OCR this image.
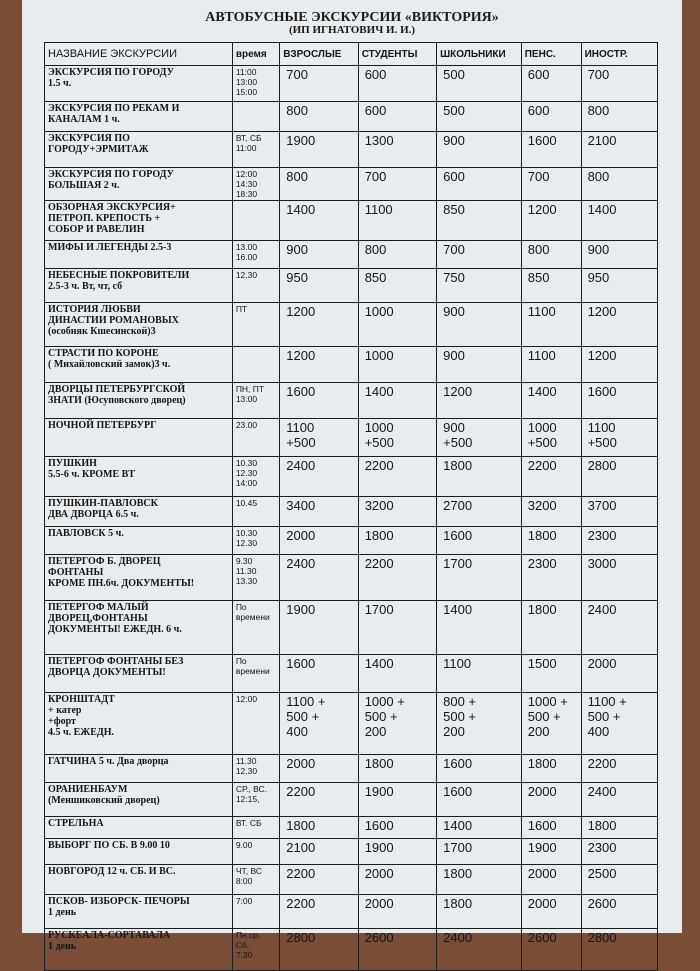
АВТОБУСНЫЕ ЭКСКУРСИИ «ВИКТОРИЯ»
(ИП ИГНАТОВИЧ И. И.)
НАЗВАНИЕ ЭКСКУРСИИ	время	ВЗРОСЛЫЕ	СТУДЕНТЫ	ШКОЛЬНИКИ	ПЕНС.	ИНОСТР.
ЭКСКУРСИЯ ПО ГОРОДУ
1.5 ч.	11:00
13:00
15:00	700	600	500	600	700
ЭКСКУРСИЯ ПО РЕКАМ И
КАНАЛАМ 1 ч.		800	600	500	600	800
ЭКСКУРСИЯ ПО
ГОРОДУ+ЭРМИТАЖ	ВТ, СБ
11:00	1900	1300	900	1600	2100
ЭКСКУРСИЯ ПО ГОРОДУ
БОЛЬШАЯ 2 ч.	12:00
14:30
18:30	800	700	600	700	800
ОБЗОРНАЯ ЭКСКУРСИЯ+
ПЕТРОП. КРЕПОСТЬ +
СОБОР И РАВЕЛИН		1400	1100	850	1200	1400
МИФЫ И ЛЕГЕНДЫ 2.5-3	13.00
16.00	900	800	700	800	900
НЕБЕСНЫЕ ПОКРОВИТЕЛИ
2.5-3 ч. Вт, чт, сб	12.30	950	850	750	850	950
ИСТОРИЯ ЛЮБВИ
ДИНАСТИИ РОМАНОВЫХ
(особняк Кшесинской)3	ПТ	1200	1000	900	1100	1200
СТРАСТИ ПО КОРОНЕ
( Михайловский замок)3 ч.		1200	1000	900	1100	1200
ДВОРЦЫ ПЕТЕРБУРГСКОЙ
ЗНАТИ (Юсуповского дворец)	ПН, ПТ
13:00	1600	1400	1200	1400	1600
НОЧНОЙ ПЕТЕРБУРГ	23.00	1100
+500	1000
+500	900
+500	1000
+500	1100
+500
ПУШКИН
5.5-6 ч. КРОМЕ ВТ	10.30
12.30
14:00	2400	2200	1800	2200	2800
ПУШКИН-ПАВЛОВСК
ДВА ДВОРЦА 6.5 ч.	10.45	3400	3200	2700	3200	3700
ПАВЛОВСК 5 ч.	10.30
12.30	2000	1800	1600	1800	2300
ПЕТЕРГОФ Б. ДВОРЕЦ
ФОНТАНЫ
КРОМЕ ПН.6ч. ДОКУМЕНТЫ!	9.30
11.30
13.30	2400	2200	1700	2300	3000
ПЕТЕРГОФ МАЛЫЙ
ДВОРЕЦ,ФОНТАНЫ
ДОКУМЕНТЫ! ЕЖЕДН. 6 ч.	По
времени	1900	1700	1400	1800	2400
ПЕТЕРГОФ ФОНТАНЫ БЕЗ
ДВОРЦА ДОКУМЕНТЫ!	По
времени	1600	1400	1100	1500	2000
КРОНШТАДТ
+ катер
+форт
4.5 ч. ЕЖЕДН.	12:00	1100 +
500 +
400	1000 +
500 +
200	800 +
500 +
200	1000 +
500 +
200	1100 +
500 +
400
ГАТЧИНА 5 ч. Два дворца	11.30
12.30	2000	1800	1600	1800	2200
ОРАНИЕНБАУМ
(Меншиковский дворец)	СР., ВС.
12:15,	2200	1900	1600	2000	2400
СТРЕЛЬНА	ВТ. СБ	1800	1600	1400	1600	1800
ВЫБОРГ ПО СБ. В 9.00 10	9.00	2100	1900	1700	1900	2300
НОВГОРОД 12 ч. СБ. И ВС.	ЧТ, ВС
8:00	2200	2000	1800	2000	2500
ПСКОВ- ИЗБОРСК- ПЕЧОРЫ
1 день	7:00	2200	2000	1800	2000	2600
РУСКЕАЛА-СОРТАВАЛА
1 день	Пн,ср,
Сб.
7:30	2800	2600	2400	2600	2800
